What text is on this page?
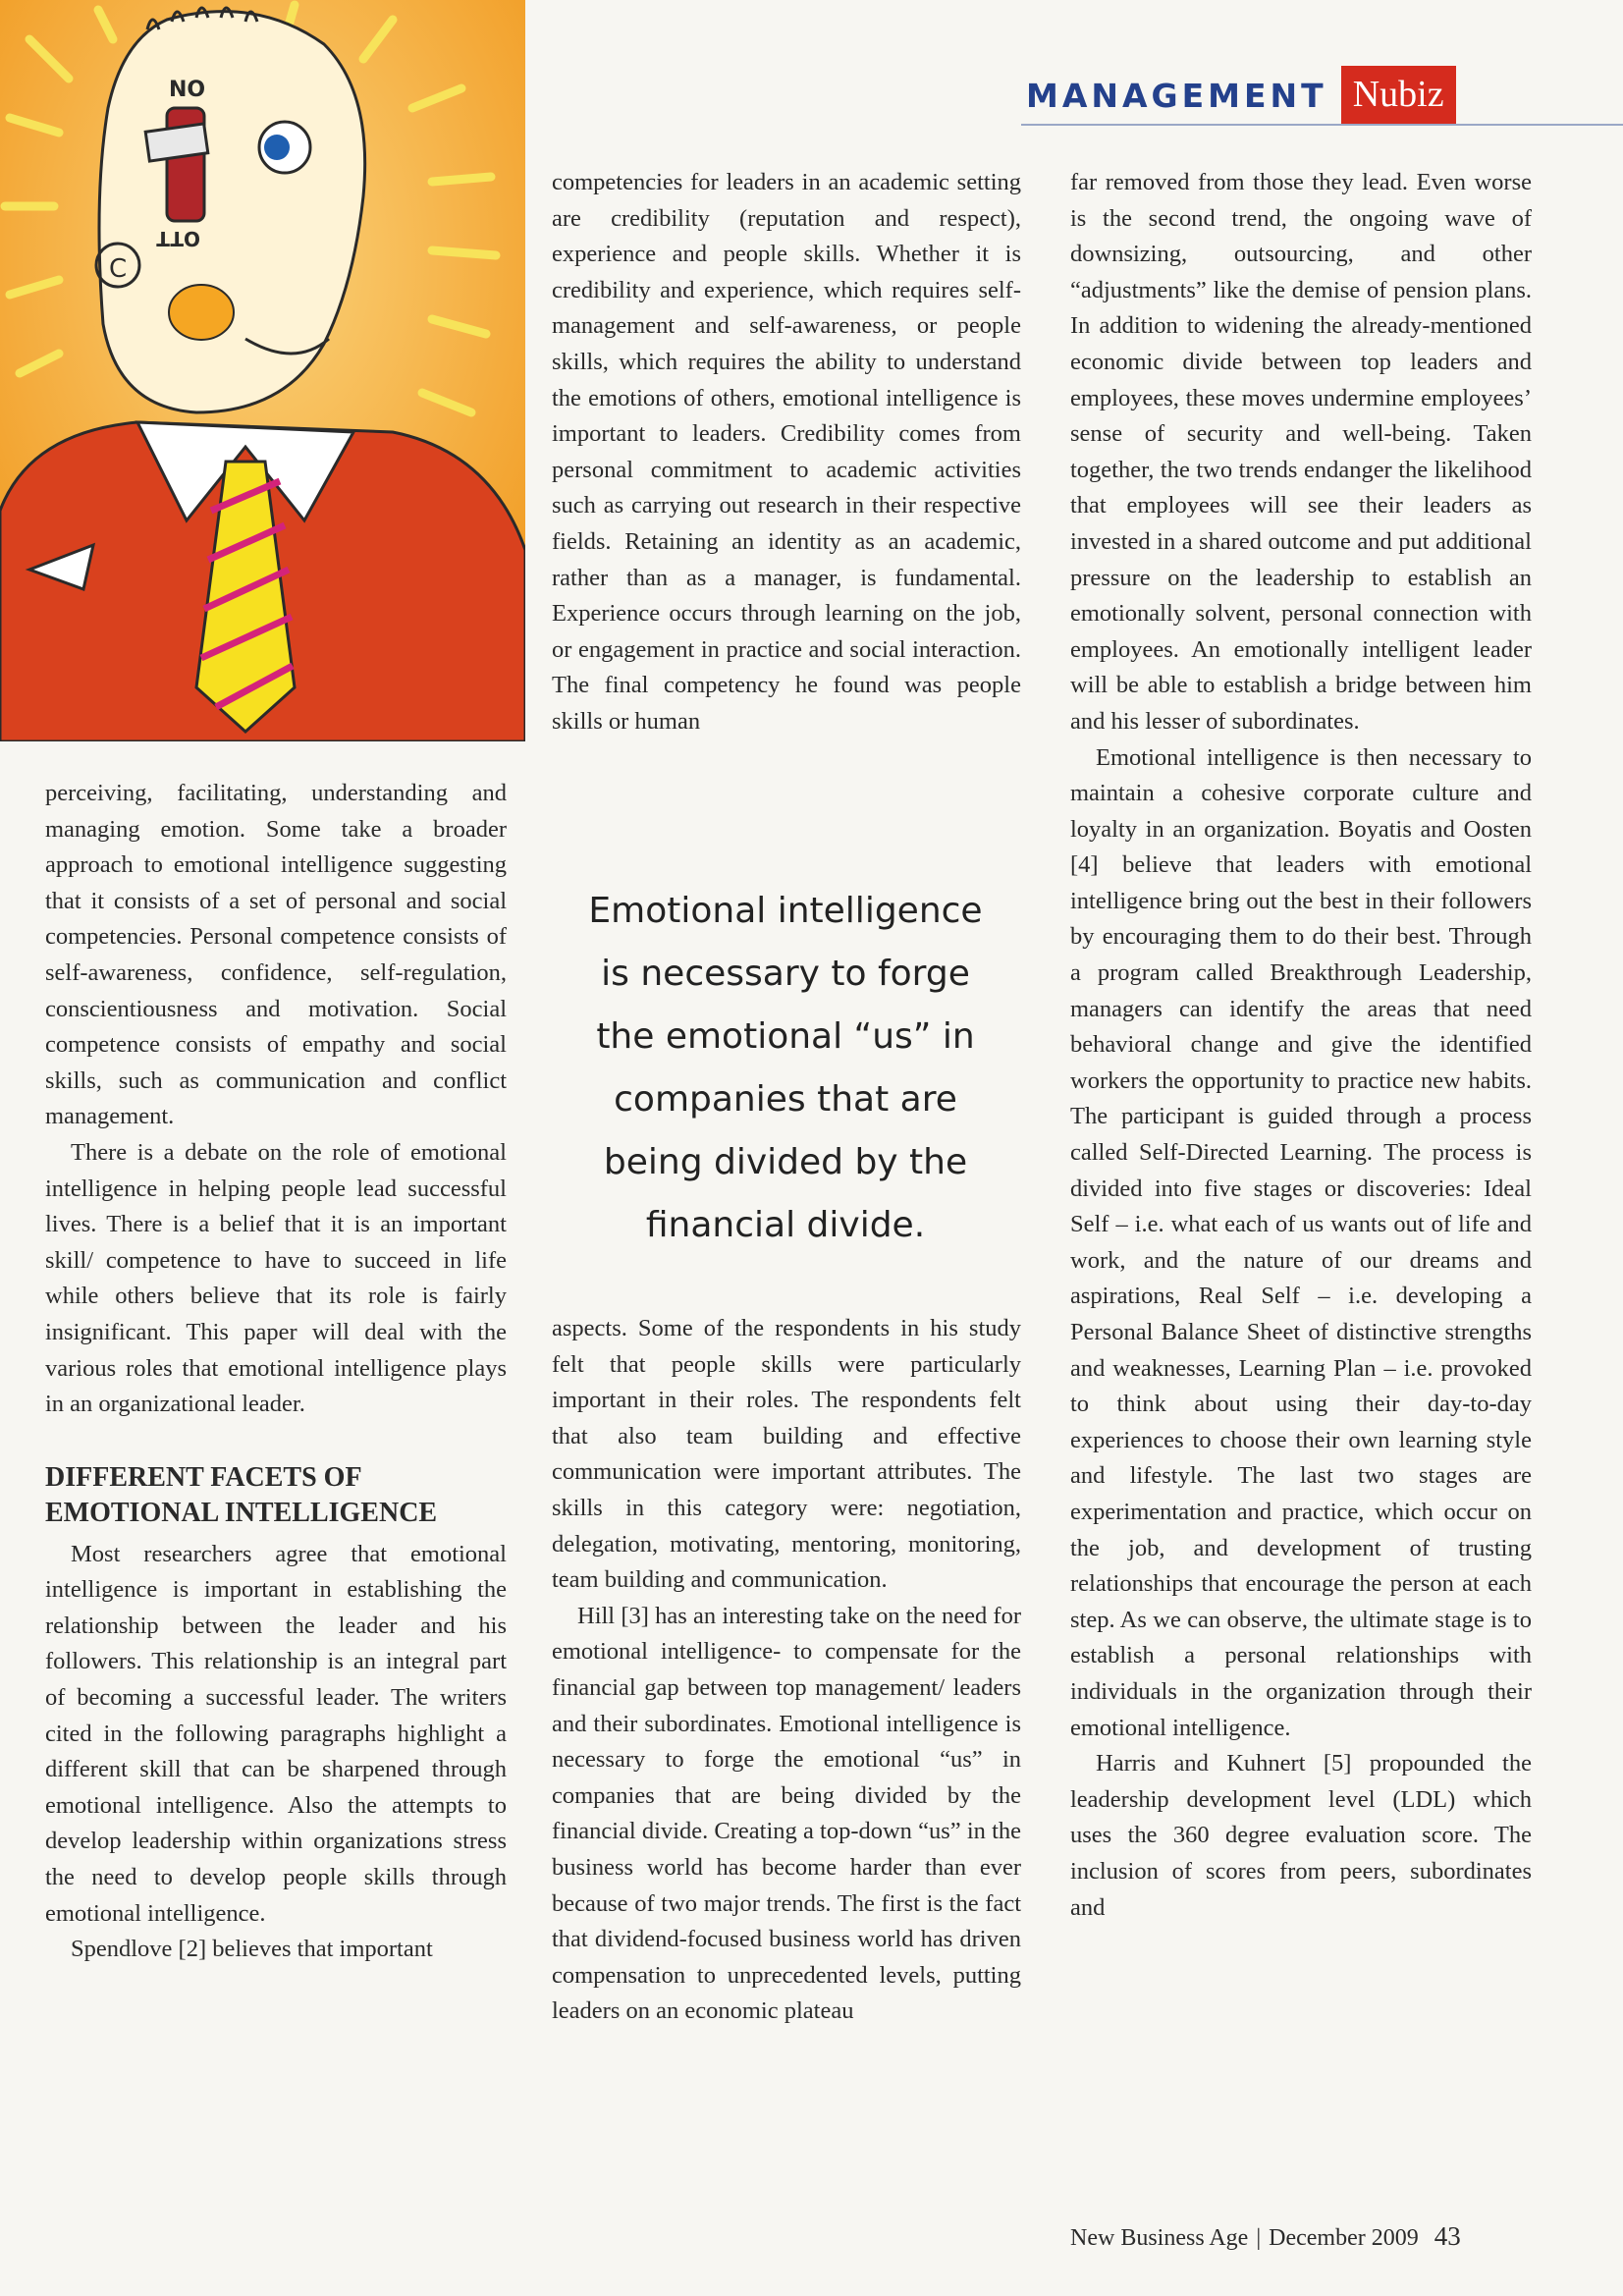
NO
OTT
C
MANAGEMENT Nubiz

perceiving, facilitating, understanding and managing emotion. Some take a broader approach to emotional intelligence suggesting that it consists of a set of personal and social competencies. Personal competence consists of self-awareness, confidence, self-regulation, conscientiousness and motivation. Social competence consists of empathy and social skills, such as communication and conflict management.

There is a debate on the role of emotional intelligence in helping people lead successful lives. There is a belief that it is an important skill/ competence to have to succeed in life while others believe that its role is fairly insignificant. This paper will deal with the various roles that emotional intelligence plays in an organizational leader.

DIFFERENT FACETS OF
EMOTIONAL INTELLIGENCE

Most researchers agree that emotional intelligence is important in establishing the relationship between the leader and his followers. This relationship is an integral part of becoming a successful leader. The writers cited in the following paragraphs highlight a different skill that can be sharpened through emotional intelligence. Also the attempts to develop leadership within organizations stress the need to develop people skills through emotional intelligence.

Spendlove [2] believes that important

competencies for leaders in an academic setting are credibility (reputation and respect), experience and people skills. Whether it is credibility and experience, which requires self-management and self-awareness, or people skills, which requires the ability to understand the emotions of others, emotional intelligence is important to leaders. Credibility comes from personal commitment to academic activities such as carrying out research in their respective fields. Retaining an identity as an academic, rather than as a manager, is fundamental. Experience occurs through learning on the job, or engagement in practice and social interaction. The final competency he found was people skills or human

Emotional intelligence
is necessary to forge
the emotional “us” in
companies that are
being divided by the
financial divide.

aspects. Some of the respondents in his study felt that people skills were particularly important in their roles. The respondents felt that also team building and effective communication were important attributes. The skills in this category were: negotiation, delegation, motivating, mentoring, monitoring, team building and communication.

Hill [3] has an interesting take on the need for emotional intelligence- to compensate for the financial gap between top management/ leaders and their subordinates. Emotional intelligence is necessary to forge the emotional “us” in companies that are being divided by the financial divide. Creating a top-down “us” in the business world has become harder than ever because of two major trends. The first is the fact that dividend-focused business world has driven compensation to unprecedented levels, putting leaders on an economic plateau

far removed from those they lead. Even worse is the second trend, the ongoing wave of downsizing, outsourcing, and other “adjustments” like the demise of pension plans. In addition to widening the already-mentioned economic divide between top leaders and employees, these moves undermine employees’ sense of security and well-being. Taken together, the two trends endanger the likelihood that employees will see their leaders as invested in a shared outcome and put additional pressure on the leadership to establish an emotionally solvent, personal connection with employees. An emotionally intelligent leader will be able to establish a bridge between him and his lesser of subordinates.

Emotional intelligence is then necessary to maintain a cohesive corporate culture and loyalty in an organization. Boyatis and Oosten [4] believe that leaders with emotional intelligence bring out the best in their followers by encouraging them to do their best. Through a program called Breakthrough Leadership, managers can identify the areas that need behavioral change and give the identified workers the opportunity to practice new habits. The participant is guided through a process called Self-Directed Learning. The process is divided into five stages or discoveries: Ideal Self – i.e. what each of us wants out of life and work, and the nature of our dreams and aspirations, Real Self – i.e. developing a Personal Balance Sheet of distinctive strengths and weaknesses, Learning Plan – i.e. provoked to think about using their day-to-day experiences to choose their own learning style and lifestyle. The last two stages are experimentation and practice, which occur on the job, and development of trusting relationships that encourage the person at each step. As we can observe, the ultimate stage is to establish a personal relationships with individuals in the organization through their emotional intelligence.

Harris and Kuhnert [5] propounded the leadership development level (LDL) which uses the 360 degree evaluation score. The inclusion of scores from peers, subordinates and

New Business Age | December 2009 43
